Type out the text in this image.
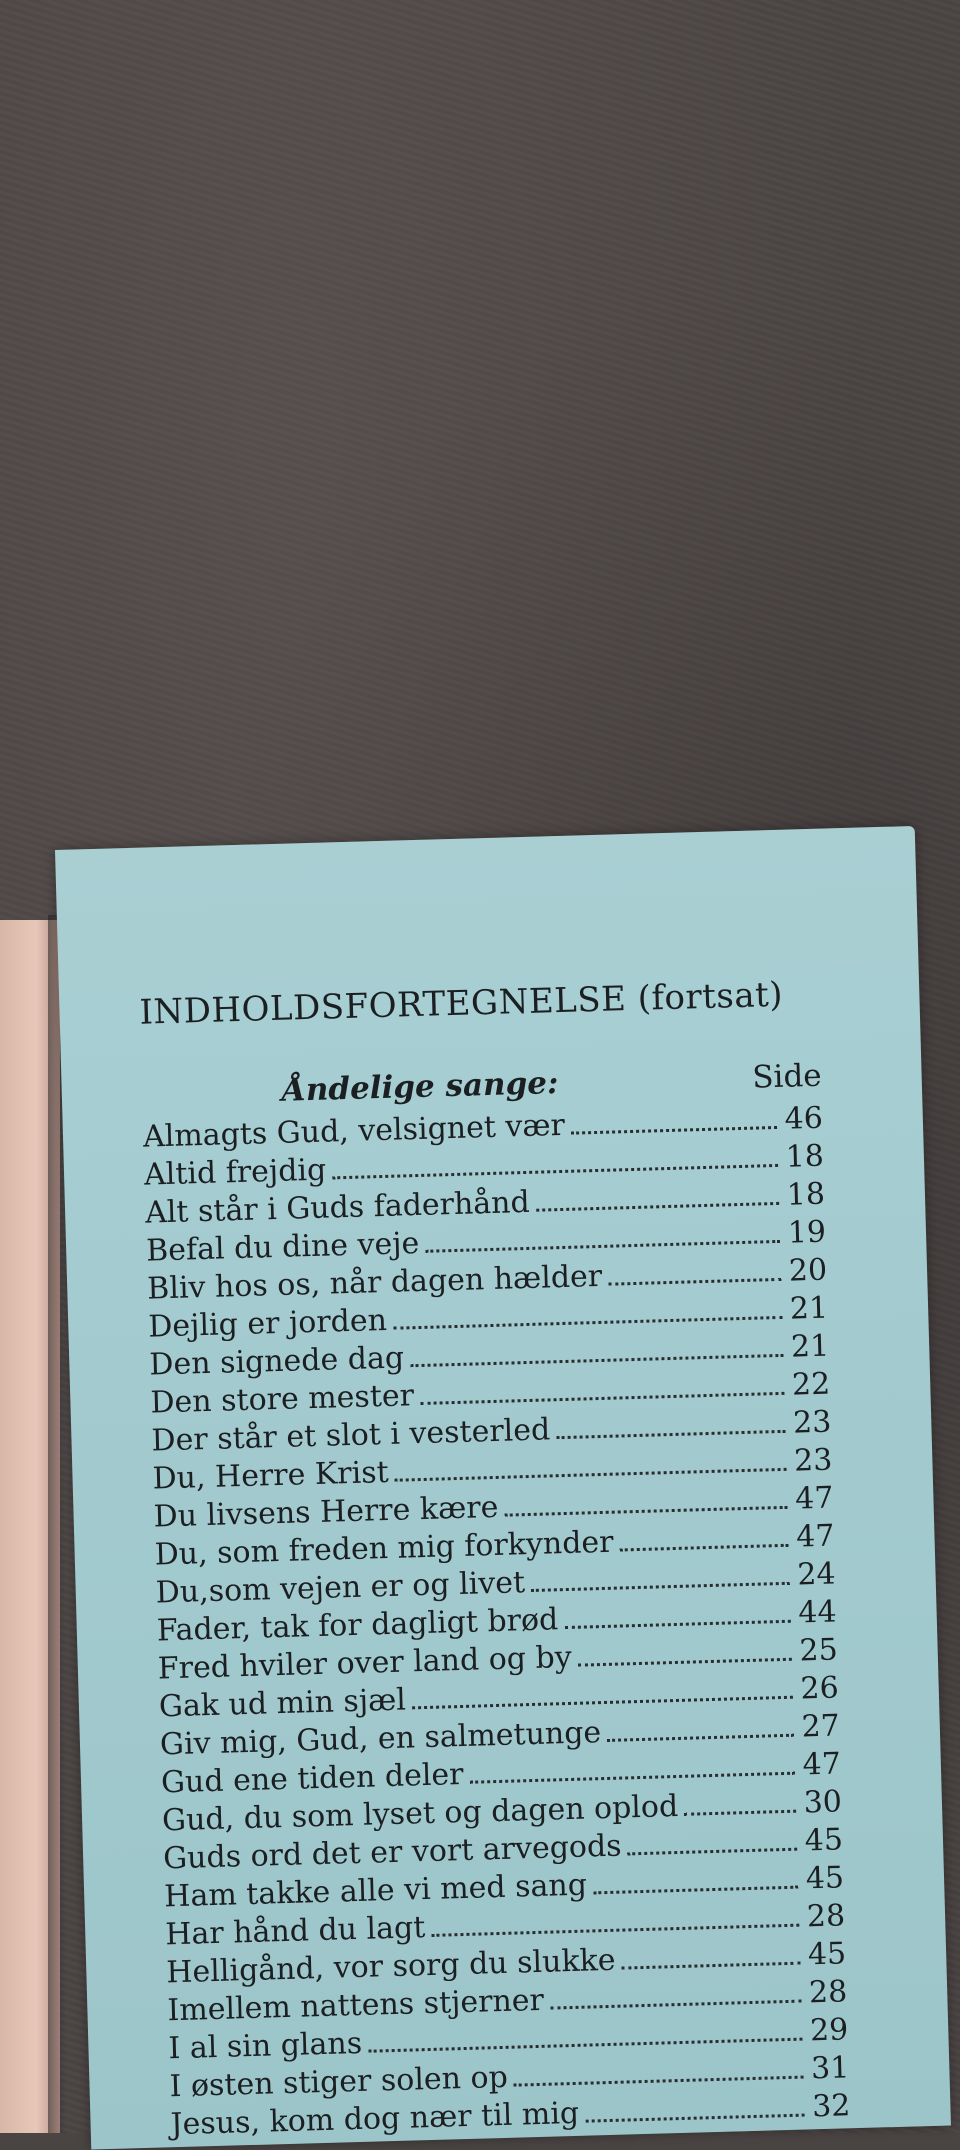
INDHOLDSFORTEGNELSE (fortsat)
Åndelige sange:	Side
Almagts Gud, velsignet vær	46
Altid frejdig	18
Alt står i Guds faderhånd	18
Befal du dine veje	19
Bliv hos os, når dagen hælder	20
Dejlig er jorden	21
Den signede dag	21
Den store mester	22
Der står et slot i vesterled	23
Du, Herre Krist	23
Du livsens Herre kære	47
Du, som freden mig forkynder	47
Du,som vejen er og livet	24
Fader, tak for dagligt brød	44
Fred hviler over land og by	25
Gak ud min sjæl	26
Giv mig, Gud, en salmetunge	27
Gud ene tiden deler	47
Gud, du som lyset og dagen oplod	30
Guds ord det er vort arvegods	45
Ham takke alle vi med sang	45
Har hånd du lagt	28
Helligånd, vor sorg du slukke	45
Imellem nattens stjerner	28
I al sin glans	29
I østen stiger solen op	31
Jesus, kom dog nær til mig	32
